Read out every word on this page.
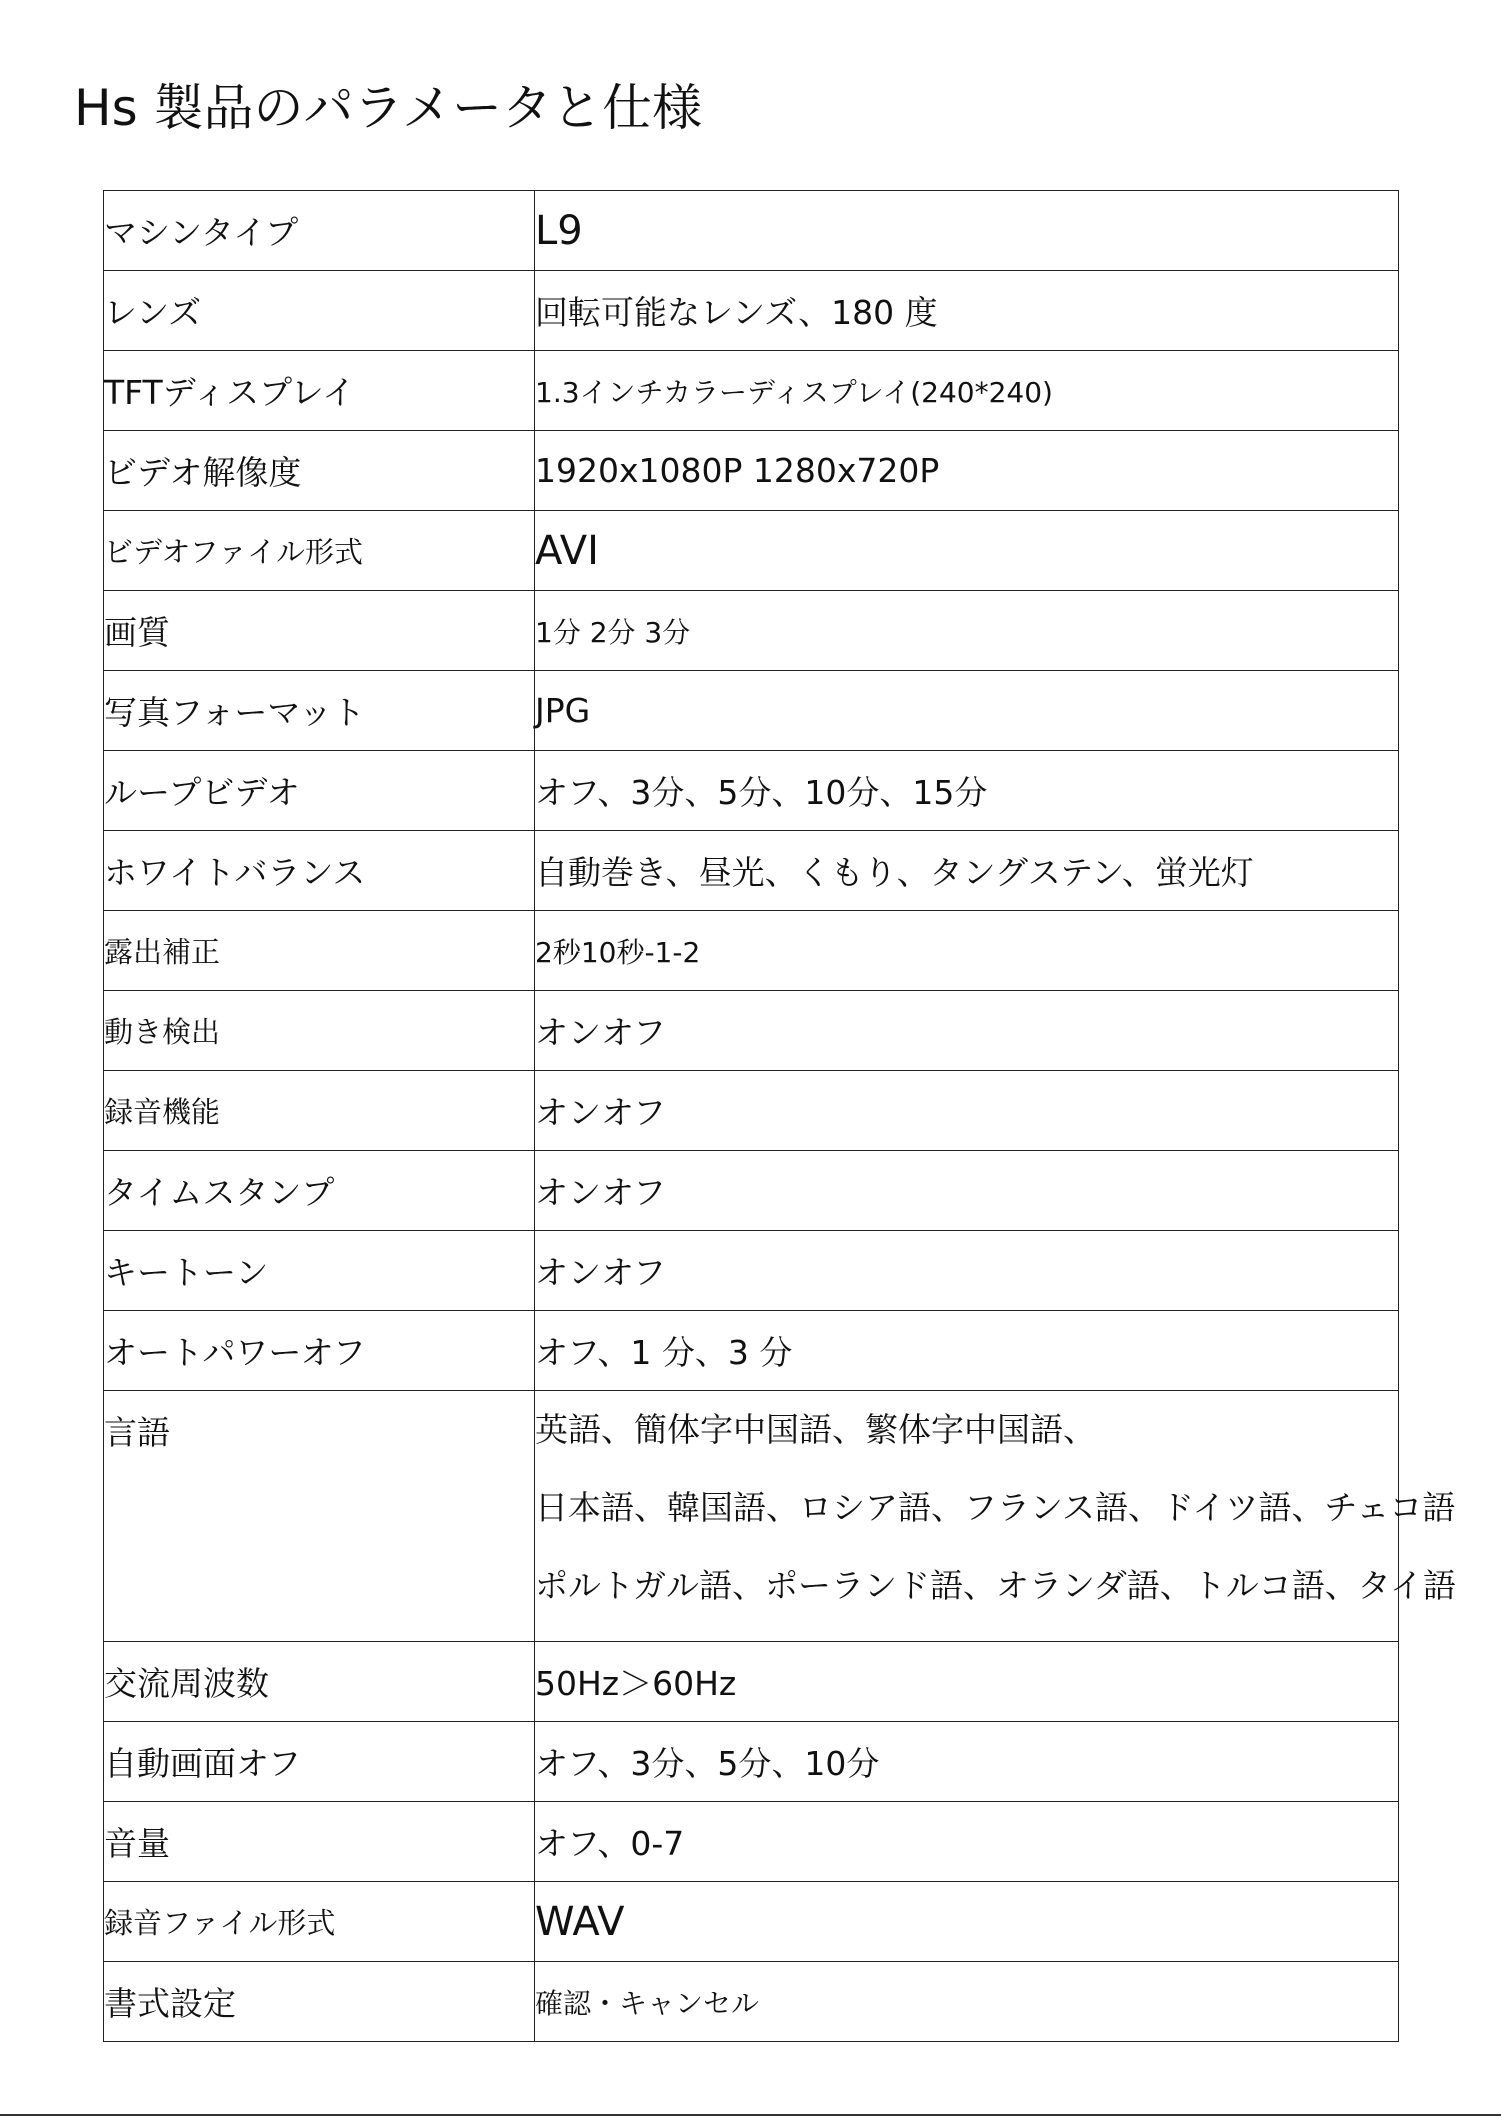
Hs 製品のパラメータと仕様
マシンタイプ	L9
レンズ	回転可能なレンズ、180 度
TFTディスプレイ	1.3インチカラーディスプレイ(240*240)
ビデオ解像度	1920x1080P 1280x720P
ビデオファイル形式	AVI
画質	1分 2分 3分
写真フォーマット	JPG
ループビデオ	オフ、3分、5分、10分、15分
ホワイトバランス	自動巻き、昼光、くもり、タングステン、蛍光灯
露出補正	2秒10秒-1-2
動き検出	オンオフ
録音機能	オンオフ
タイムスタンプ	オンオフ
キートーン	オンオフ
オートパワーオフ	オフ、1 分、3 分
言語	英語、簡体字中国語、繁体字中国語、
日本語、韓国語、ロシア語、フランス語、ドイツ語、チェコ語
ポルトガル語、ポーランド語、オランダ語、トルコ語、タイ語

交流周波数	50Hz＞60Hz
自動画面オフ	オフ、3分、5分、10分
音量	オフ、0-7
録音ファイル形式	WAV
書式設定	確認・キャンセル
